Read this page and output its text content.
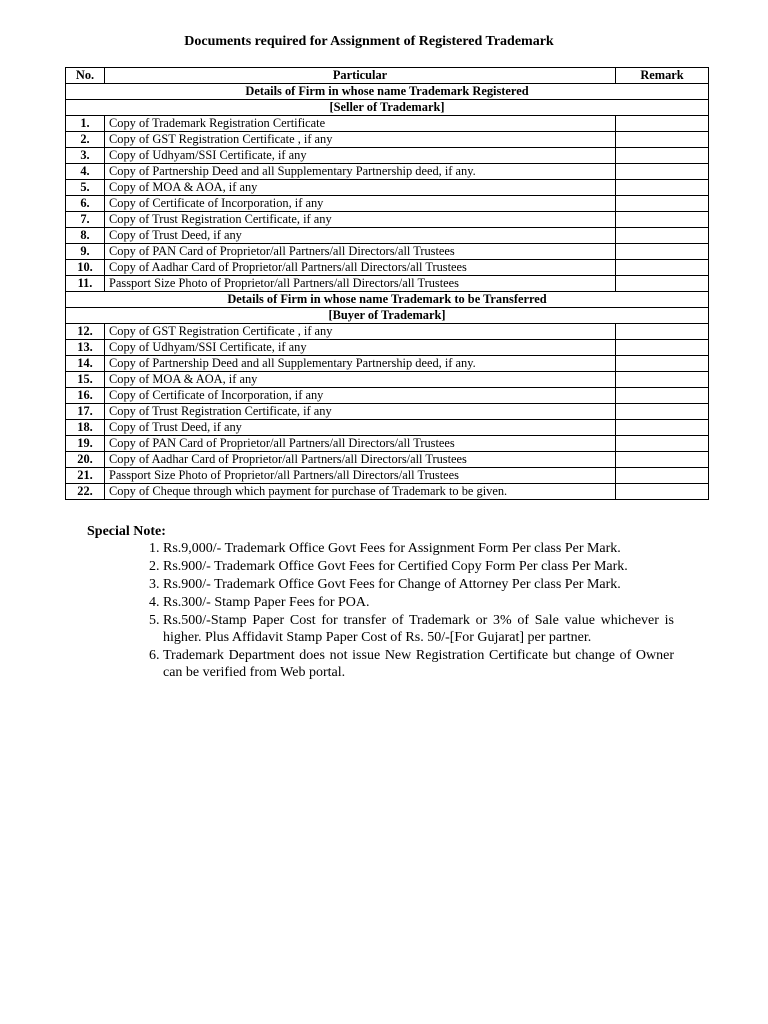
Documents required for Assignment of Registered Trademark
No.	Particular	Remark
Details of Firm in whose name Trademark Registered		
[Seller of Trademark]		
1.	Copy of Trademark Registration Certificate	
2.	Copy of GST Registration Certificate , if any	
3.	Copy of Udhyam/SSI Certificate, if any	
4.	Copy of Partnership Deed and all Supplementary Partnership deed, if any.	
5.	Copy of MOA & AOA, if any	
6.	Copy of Certificate of Incorporation, if any	
7.	Copy of Trust Registration Certificate, if any	
8.	Copy of Trust Deed, if any	
9.	Copy of PAN Card of Proprietor/all Partners/all Directors/all Trustees	
10.	Copy of Aadhar Card of Proprietor/all Partners/all Directors/all Trustees	
11.	Passport Size Photo of Proprietor/all Partners/all Directors/all Trustees	
Details of Firm in whose name Trademark to be Transferred		
[Buyer of Trademark]		
12.	Copy of GST Registration Certificate , if any	
13.	Copy of Udhyam/SSI Certificate, if any	
14.	Copy of Partnership Deed and all Supplementary Partnership deed, if any.	
15.	Copy of MOA & AOA, if any	
16.	Copy of Certificate of Incorporation, if any	
17.	Copy of Trust Registration Certificate, if any	
18.	Copy of Trust Deed, if any	
19.	Copy of PAN Card of Proprietor/all Partners/all Directors/all Trustees	
20.	Copy of Aadhar Card of Proprietor/all Partners/all Directors/all Trustees	
21.	Passport Size Photo of Proprietor/all Partners/all Directors/all Trustees	
22.	Copy of Cheque through which payment for purchase of Trademark to be given.	
Special Note:
1. Rs.9,000/- Trademark Office Govt Fees for Assignment Form Per class Per Mark.
2. Rs.900/- Trademark Office Govt Fees for Certified Copy Form Per class Per Mark.
3. Rs.900/- Trademark Office Govt Fees for Change of Attorney Per class Per Mark.
4. Rs.300/- Stamp Paper Fees for POA.
5. Rs.500/-Stamp Paper Cost for transfer of Trademark or 3% of Sale value whichever is higher. Plus Affidavit Stamp Paper Cost of Rs. 50/-[For Gujarat] per partner.
6. Trademark Department does not issue New Registration Certificate but change of Owner can be verified from Web portal.
